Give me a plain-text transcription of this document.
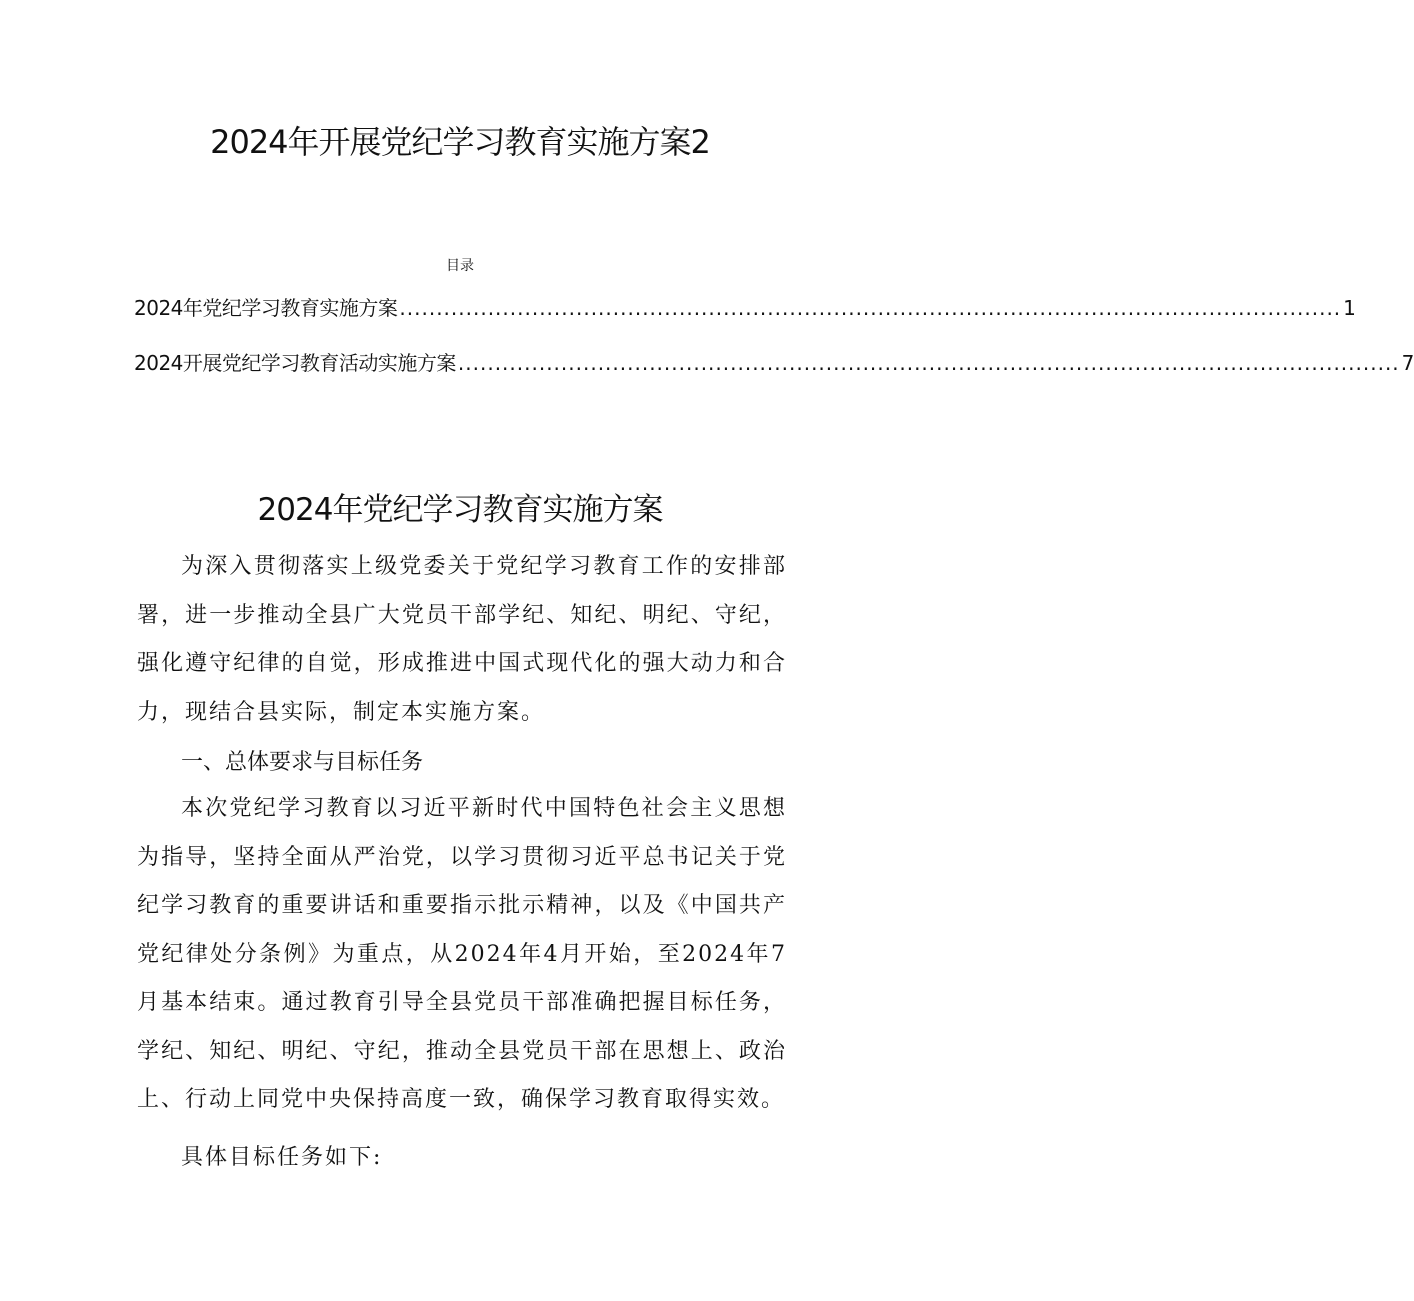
2024年开展党纪学习教育实施方案2
目录
2024年党纪学习教育实施方案 ................................................................................................................................ 1
2024开展党纪学习教育活动实施方案 ................................................................................................................................ 7
2024年党纪学习教育实施方案

为深入贯彻落实上级党委关于党纪学习教育工作的安排部署，进一步推动全县广大党员干部学纪、知纪、明纪、守纪，强化遵守纪律的自觉，形成推进中国式现代化的强大动力和合力，现结合县实际，制定本实施方案。

一、总体要求与目标任务

本次党纪学习教育以习近平新时代中国特色社会主义思想为指导，坚持全面从严治党，以学习贯彻习近平总书记关于党纪学习教育的重要讲话和重要指示批示精神，以及《中国共产党纪律处分条例》为重点，从2024年4月开始，至2024年7月基本结束。通过教育引导全县党员干部准确把握目标任务，学纪、知纪、明纪、守纪，推动全县党员干部在思想上、政治上、行动上同党中央保持高度一致，确保学习教育取得实效。

具体目标任务如下:
